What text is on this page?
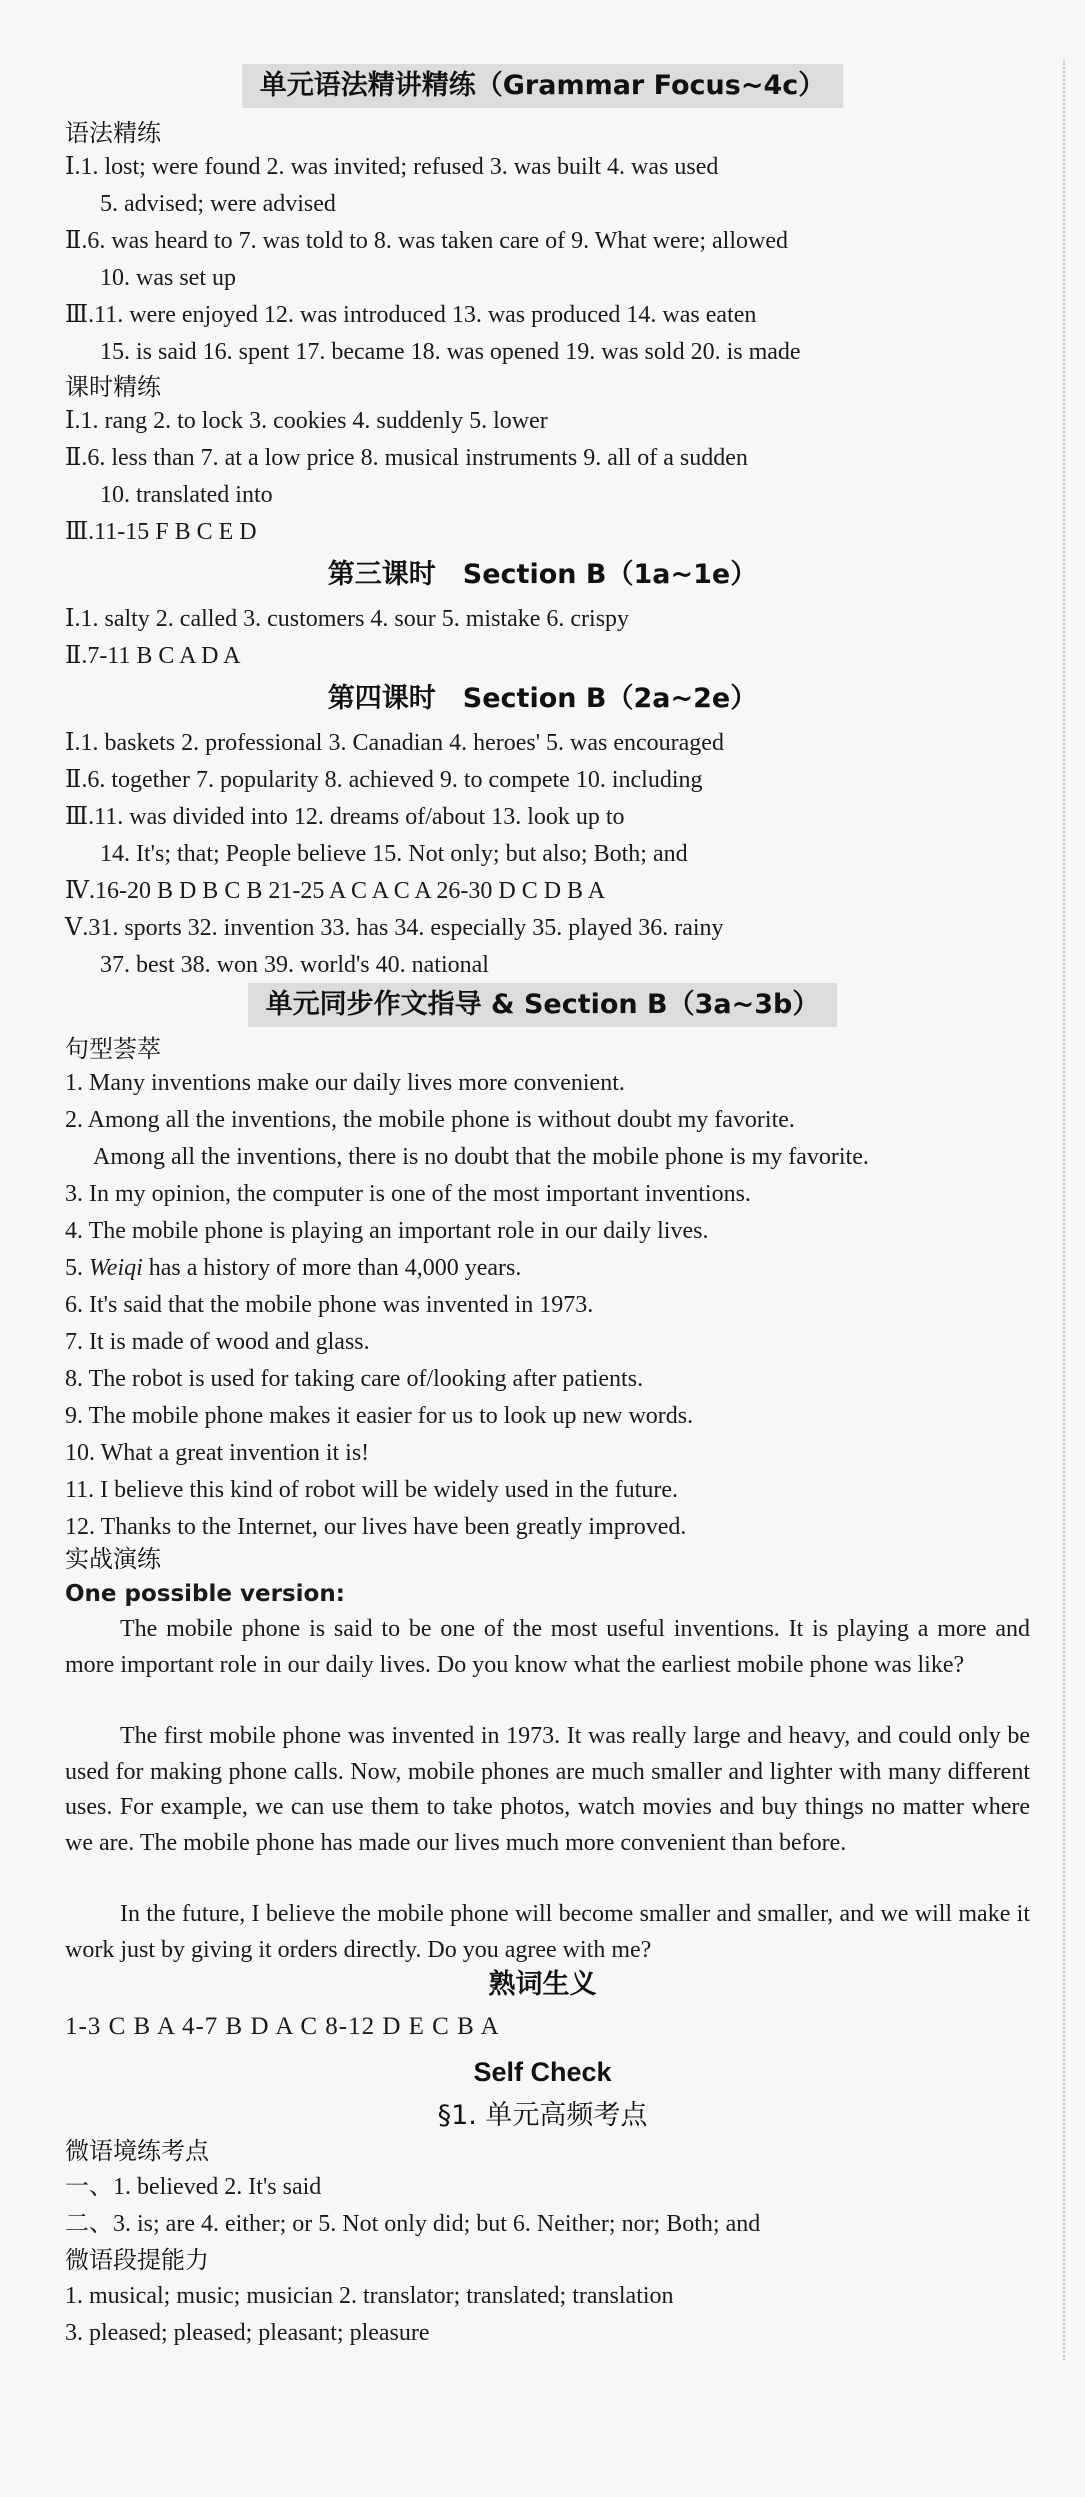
单元语法精讲精练（Grammar Focus~4c）
语法精练
Ⅰ.1. lost; were found 2. was invited; refused 3. was built 4. was used
5. advised; were advised
Ⅱ.6. was heard to 7. was told to 8. was taken care of 9. What were; allowed
10. was set up
Ⅲ.11. were enjoyed 12. was introduced 13. was produced 14. was eaten
15. is said 16. spent 17. became 18. was opened 19. was sold 20. is made
课时精练
Ⅰ.1. rang 2. to lock 3. cookies 4. suddenly 5. lower
Ⅱ.6. less than 7. at a low price 8. musical instruments 9. all of a sudden
10. translated into
Ⅲ.11-15 F B C E D
第三课时　Section B（1a~1e）
Ⅰ.1. salty 2. called 3. customers 4. sour 5. mistake 6. crispy
Ⅱ.7-11 B C A D A
第四课时　Section B（2a~2e）
Ⅰ.1. baskets 2. professional 3. Canadian 4. heroes' 5. was encouraged
Ⅱ.6. together 7. popularity 8. achieved 9. to compete 10. including
Ⅲ.11. was divided into 12. dreams of/about 13. look up to
14. It's; that; People believe 15. Not only; but also; Both; and
Ⅳ.16-20 B D B C B 21-25 A C A C A 26-30 D C D B A
Ⅴ.31. sports 32. invention 33. has 34. especially 35. played 36. rainy
37. best 38. won 39. world's 40. national
单元同步作文指导 & Section B（3a~3b）
句型荟萃
1. Many inventions make our daily lives more convenient.
2. Among all the inventions, the mobile phone is without doubt my favorite.
Among all the inventions, there is no doubt that the mobile phone is my favorite.
3. In my opinion, the computer is one of the most important inventions.
4. The mobile phone is playing an important role in our daily lives.
5. Weiqi has a history of more than 4,000 years.
6. It's said that the mobile phone was invented in 1973.
7. It is made of wood and glass.
8. The robot is used for taking care of/looking after patients.
9. The mobile phone makes it easier for us to look up new words.
10. What a great invention it is!
11. I believe this kind of robot will be widely used in the future.
12. Thanks to the Internet, our lives have been greatly improved.
实战演练
One possible version:
The mobile phone is said to be one of the most useful inventions. It is playing a more and more important role in our daily lives. Do you know what the earliest mobile phone was like?
The first mobile phone was invented in 1973. It was really large and heavy, and could only be used for making phone calls. Now, mobile phones are much smaller and lighter with many different uses. For example, we can use them to take photos, watch movies and buy things no matter where we are. The mobile phone has made our lives much more convenient than before.
In the future, I believe the mobile phone will become smaller and smaller, and we will make it work just by giving it orders directly. Do you agree with me?
熟词生义
1-3 C B A 4-7 B D A C 8-12 D E C B A
Self Check
§1. 单元高频考点
微语境练考点
一、1. believed 2. It's said
二、3. is; are 4. either; or 5. Not only did; but 6. Neither; nor; Both; and
微语段提能力
1. musical; music; musician 2. translator; translated; translation
3. pleased; pleased; pleasant; pleasure
